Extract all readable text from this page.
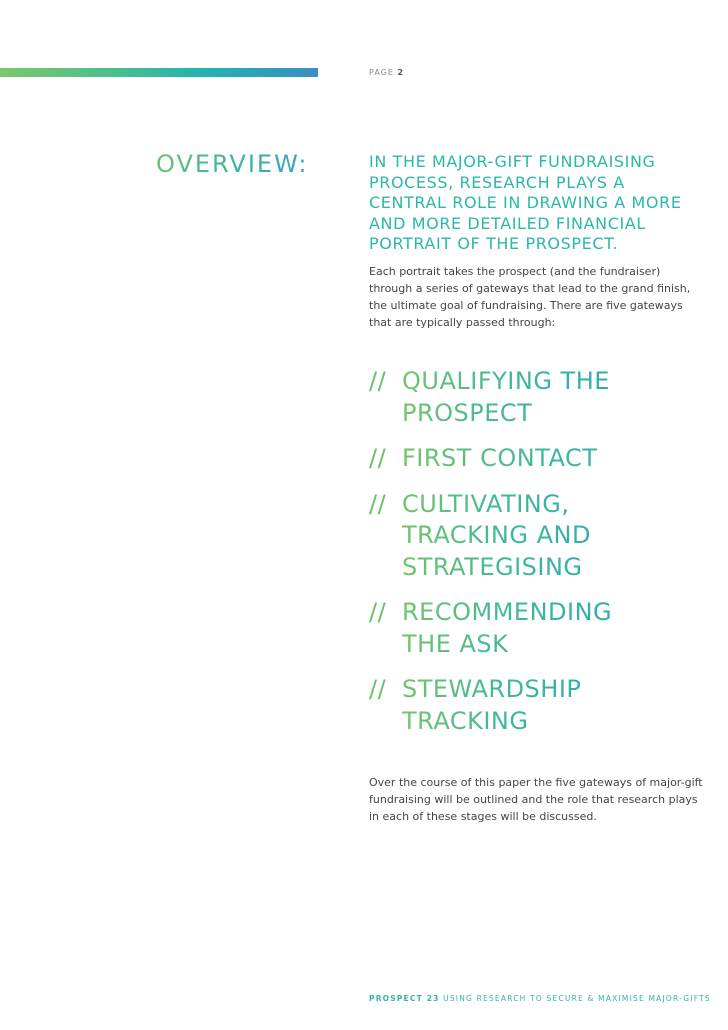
PAGE 2
OVERVIEW:	IN THE MAJOR-GIFT FUNDRAISING PROCESS, RESEARCH PLAYS A CENTRAL ROLE IN DRAWING A MORE AND MORE DETAILED FINANCIAL PORTRAIT OF THE PROSPECT.

Each portrait takes the prospect (and the fundraiser) through a series of gateways that lead to the grand finish, the ultimate goal of fundraising. There are five gateways that are typically passed through:

// QUALIFYING THE PROSPECT
// FIRST CONTACT
// CULTIVATING, TRACKING AND STRATEGISING
// RECOMMENDING THE ASK
// STEWARDSHIP TRACKING

Over the course of this paper the five gateways of major-gift fundraising will be outlined and the role that research plays in each of these stages will be discussed.

PROSPECT 23 USING RESEARCH TO SECURE & MAXIMISE MAJOR-GIFTS
